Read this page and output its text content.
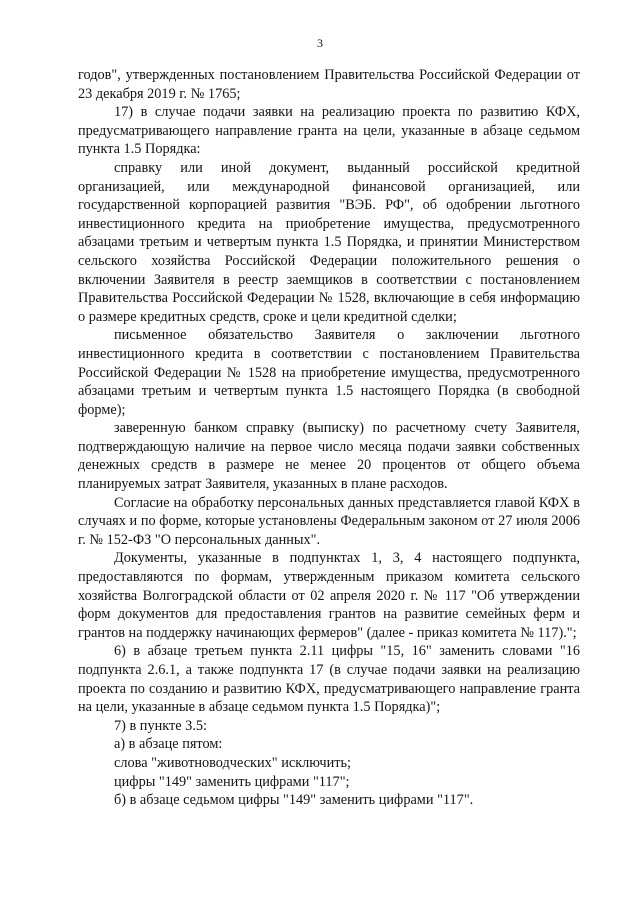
3

годов", утвержденных постановлением Правительства Российской Федерации от 23 декабря 2019 г. № 1765;

17) в случае подачи заявки на реализацию проекта по развитию КФХ, предусматривающего направление гранта на цели, указанные в абзаце седьмом пункта 1.5 Порядка:

справку или иной документ, выданный российской кредитной организацией, или международной финансовой организацией, или государственной корпорацией развития "ВЭБ. РФ", об одобрении льготного инвестиционного кредита на приобретение имущества, предусмотренного абзацами третьим и четвертым пункта 1.5 Порядка, и принятии Министерством сельского хозяйства Российской Федерации положительного решения о включении Заявителя в реестр заемщиков в соответствии с постановлением Правительства Российской Федерации № 1528, включающие в себя информацию о размере кредитных средств, сроке и цели кредитной сделки;

письменное обязательство Заявителя о заключении льготного инвестиционного кредита в соответствии с постановлением Правительства Российской Федерации № 1528 на приобретение имущества, предусмотренного абзацами третьим и четвертым пункта 1.5 настоящего Порядка (в свободной форме);

заверенную банком справку (выписку) по расчетному счету Заявителя, подтверждающую наличие на первое число месяца подачи заявки собственных денежных средств в размере не менее 20 процентов от общего объема планируемых затрат Заявителя, указанных в плане расходов.

Согласие на обработку персональных данных представляется главой КФХ в случаях и по форме, которые установлены Федеральным законом от 27 июля 2006 г. № 152-ФЗ "О персональных данных".

Документы, указанные в подпунктах 1, 3, 4 настоящего подпункта, предоставляются по формам, утвержденным приказом комитета сельского хозяйства Волгоградской области от 02 апреля 2020 г. № 117 "Об утверждении форм документов для предоставления грантов на развитие семейных ферм и грантов на поддержку начинающих фермеров" (далее - приказ комитета № 117).";

6) в абзаце третьем пункта 2.11 цифры "15, 16" заменить словами "16 подпункта 2.6.1, а также подпункта 17 (в случае подачи заявки на реализацию проекта по созданию и развитию КФХ, предусматривающего направление гранта на цели, указанные в абзаце седьмом пункта 1.5 Порядка)";

7) в пункте 3.5:

а) в абзаце пятом:

слова "животноводческих" исключить;

цифры "149" заменить цифрами "117";

б) в абзаце седьмом цифры "149" заменить цифрами "117".
